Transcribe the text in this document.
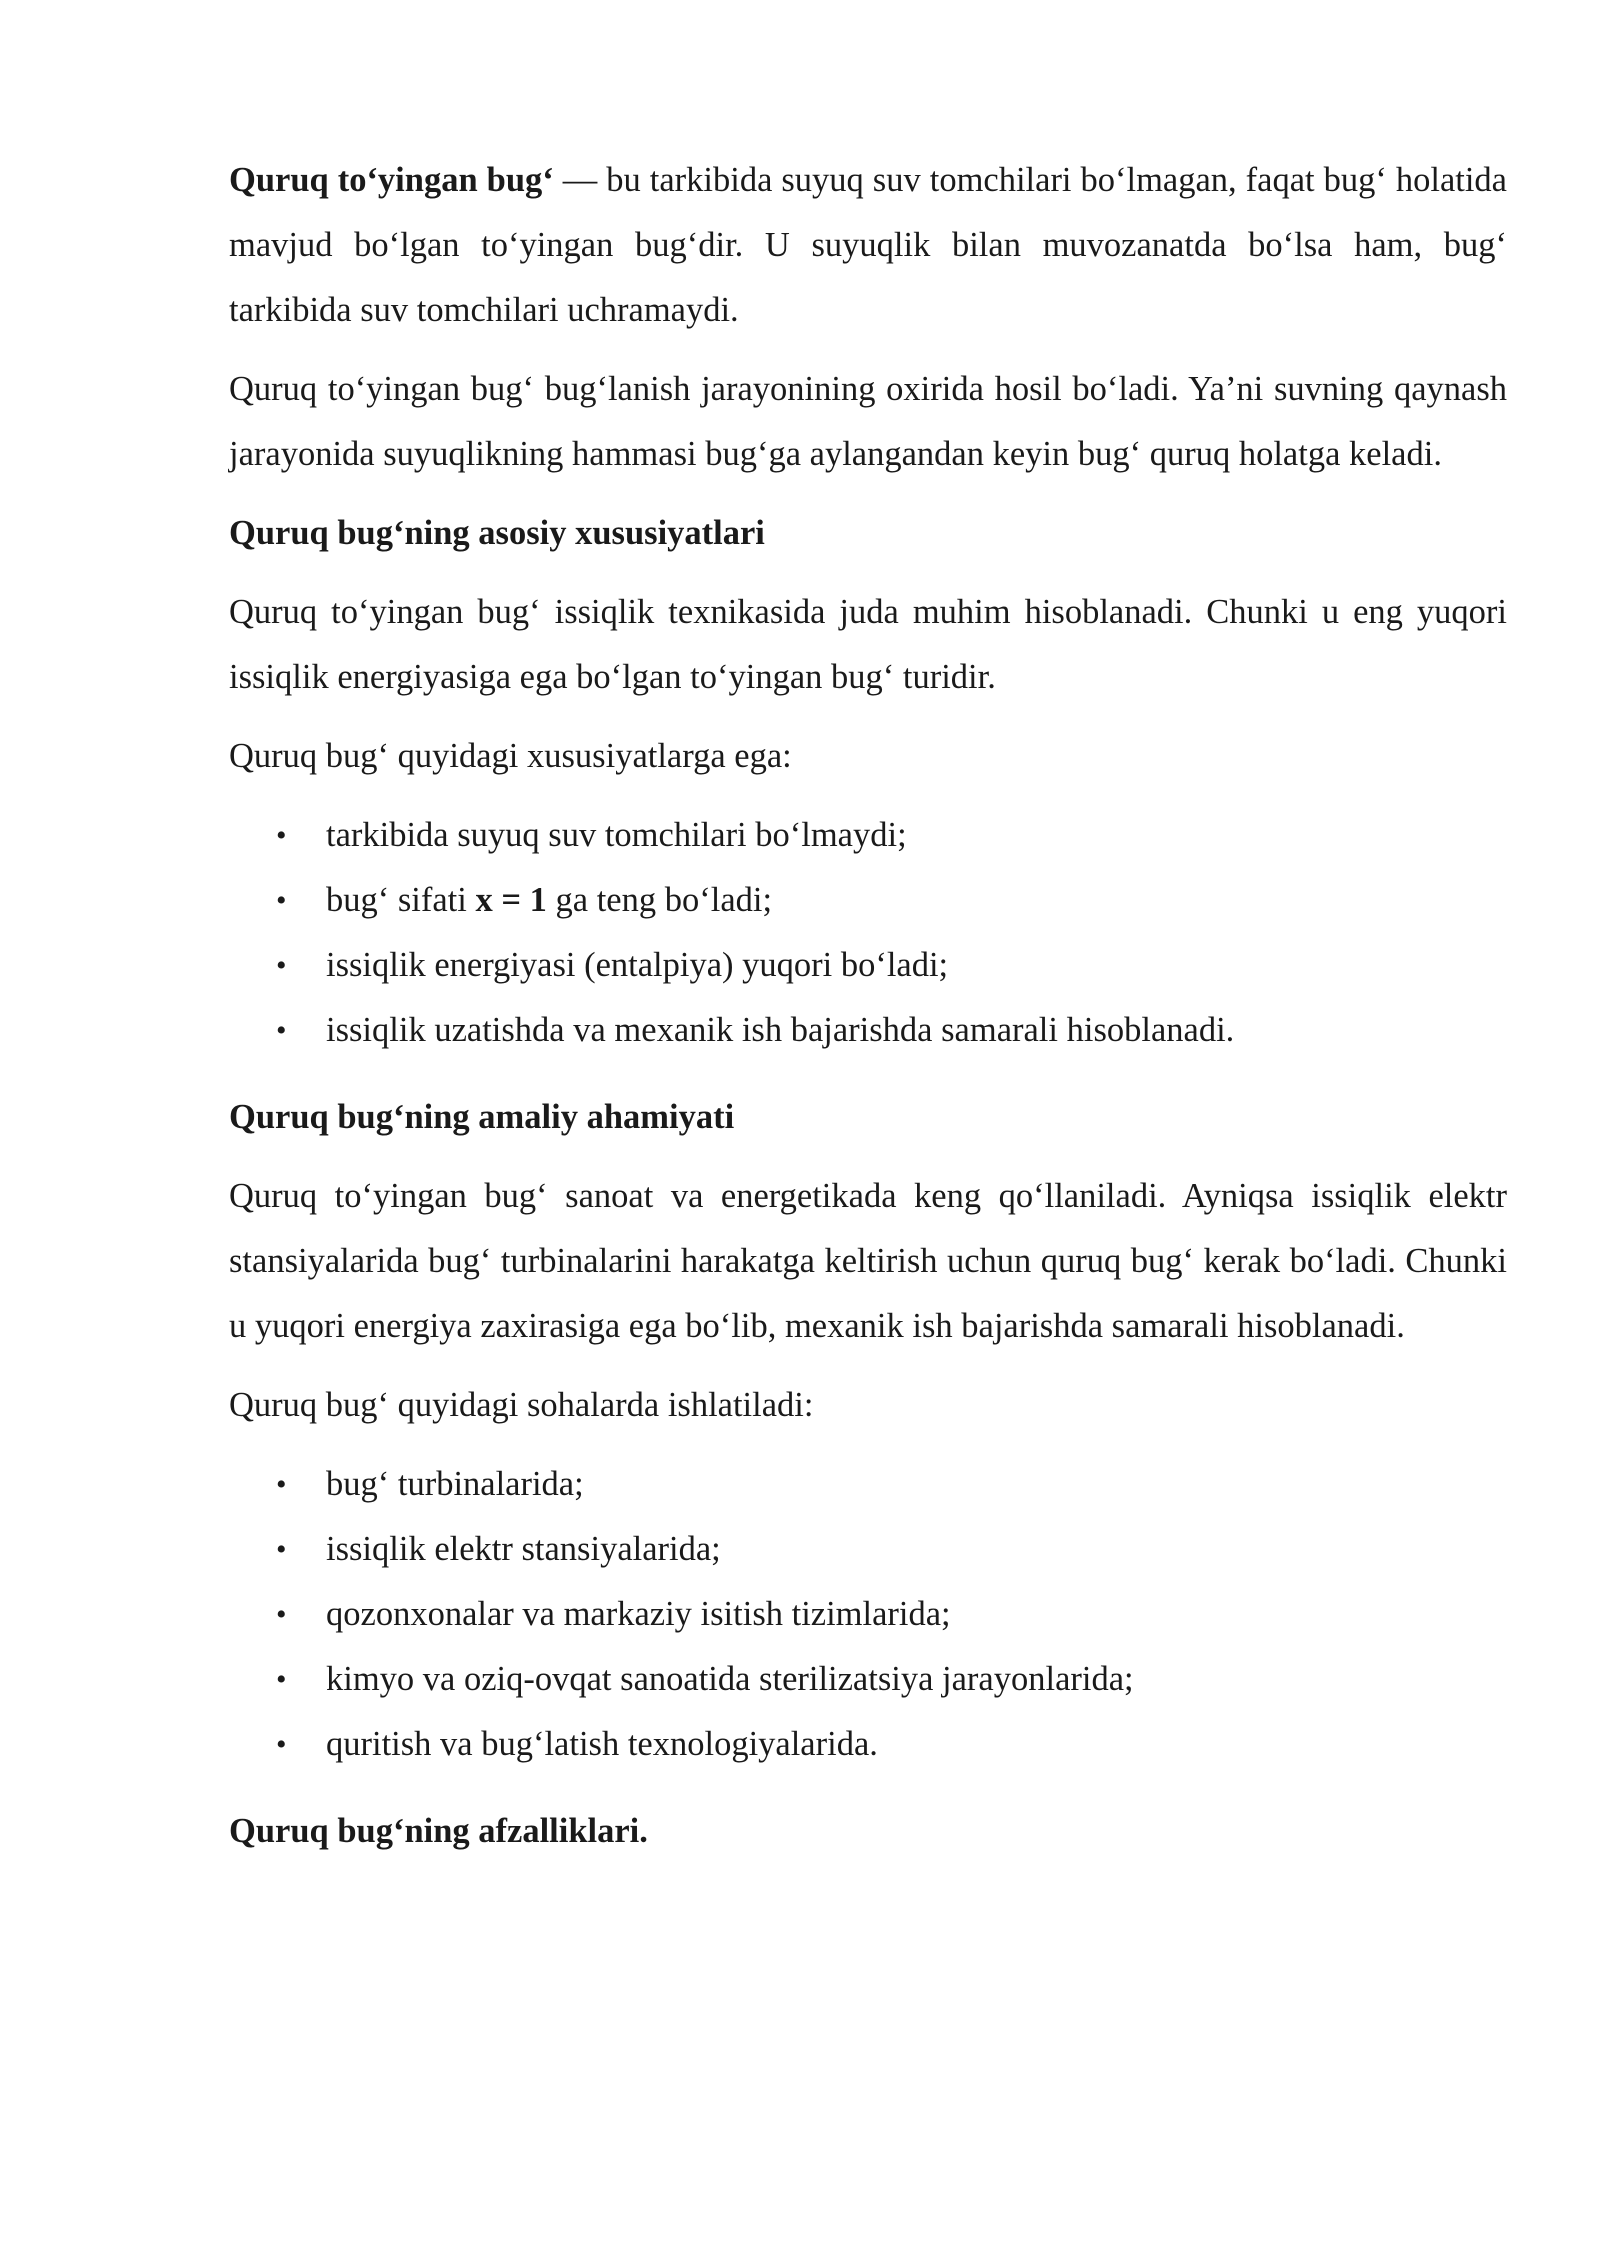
Quruq to‘yingan bug‘ — bu tarkibida suyuq suv tomchilari bo‘lmagan, faqat bug‘ holatida mavjud bo‘lgan to‘yingan bug‘dir. U suyuqlik bilan muvozanatda bo‘lsa ham, bug‘ tarkibida suv tomchilari uchramaydi.

Quruq to‘yingan bug‘ bug‘lanish jarayonining oxirida hosil bo‘ladi. Ya’ni suvning qaynash jarayonida suyuqlikning hammasi bug‘ga aylangandan keyin bug‘ quruq holatga keladi.

Quruq bug‘ning asosiy xususiyatlari

Quruq to‘yingan bug‘ issiqlik texnikasida juda muhim hisoblanadi. Chunki u eng yuqori issiqlik energiyasiga ega bo‘lgan to‘yingan bug‘ turidir.

Quruq bug‘ quyidagi xususiyatlarga ega:

• tarkibida suyuq suv tomchilari bo‘lmaydi;
• bug‘ sifati x = 1 ga teng bo‘ladi;
• issiqlik energiyasi (entalpiya) yuqori bo‘ladi;
• issiqlik uzatishda va mexanik ish bajarishda samarali hisoblanadi.
Quruq bug‘ning amaliy ahamiyati

Quruq to‘yingan bug‘ sanoat va energetikada keng qo‘llaniladi. Ayniqsa issiqlik elektr stansiyalarida bug‘ turbinalarini harakatga keltirish uchun quruq bug‘ kerak bo‘ladi. Chunki u yuqori energiya zaxirasiga ega bo‘lib, mexanik ish bajarishda samarali hisoblanadi.

Quruq bug‘ quyidagi sohalarda ishlatiladi:

• bug‘ turbinalarida;
• issiqlik elektr stansiyalarida;
• qozonxonalar va markaziy isitish tizimlarida;
• kimyo va oziq-ovqat sanoatida sterilizatsiya jarayonlarida;
• quritish va bug‘latish texnologiyalarida.
Quruq bug‘ning afzalliklari.
